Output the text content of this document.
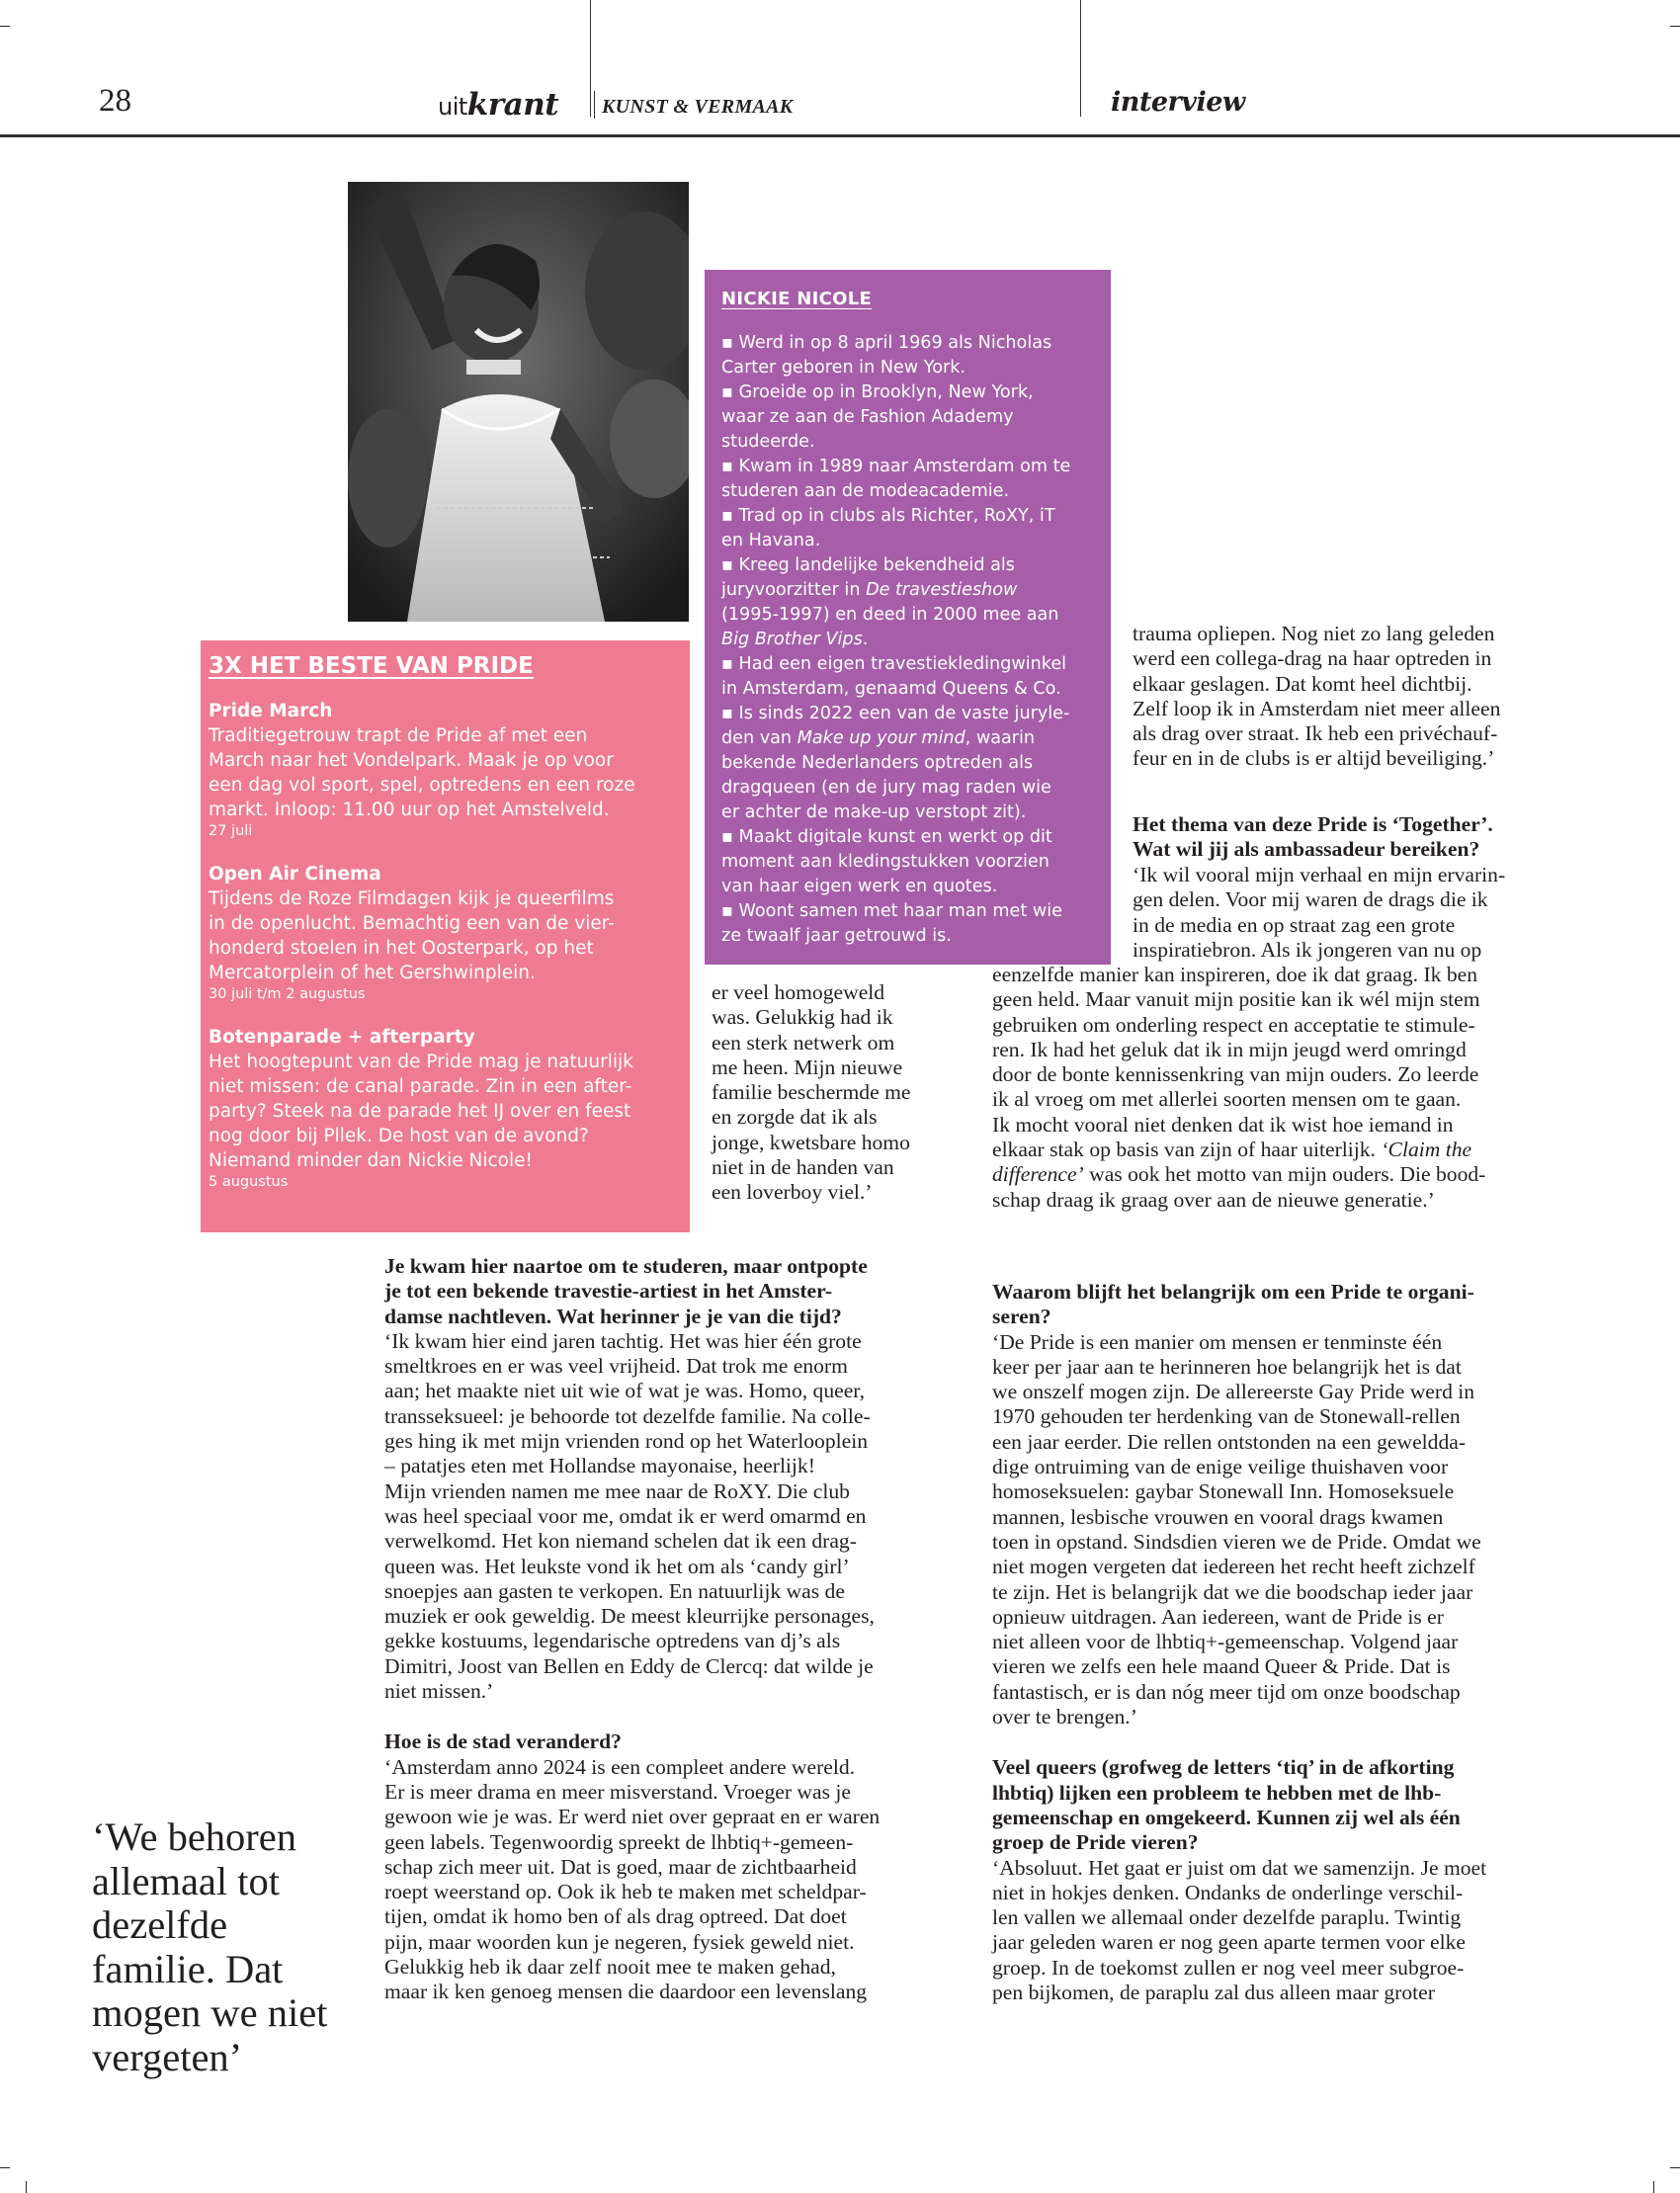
28	uitkrant KUNST & VERMAAK	interview
3X HET BESTE VAN PRIDE
Pride March
Traditiegetrouw trapt de Pride af met een
March naar het Vondelpark. Maak je op voor
een dag vol sport, spel, optredens en een roze
markt. Inloop: 11.00 uur op het Amstelveld.
27 juli
Open Air Cinema
Tijdens de Roze Filmdagen kijk je queerfilms
in de openlucht. Bemachtig een van de vier-
honderd stoelen in het Oosterpark, op het
Mercatorplein of het Gershwinplein.
30 juli t/m 2 augustus
Botenparade + afterparty
Het hoogtepunt van de Pride mag je natuurlijk
niet missen: de canal parade. Zin in een after-
party? Steek na de parade het IJ over en feest
nog door bij Pllek. De host van de avond?
Niemand minder dan Nickie Nicole!
5 augustus
NICKIE NICOLE
▪ Werd in op 8 april 1969 als Nicholas
Carter geboren in New York.
▪ Groeide op in Brooklyn, New York,
waar ze aan de Fashion Adademy
studeerde.
▪ Kwam in 1989 naar Amsterdam om te
studeren aan de modeacademie.
▪ Trad op in clubs als Richter, RoXY, iT
en Havana.
▪ Kreeg landelijke bekendheid als
juryvoorzitter in De travestieshow
(1995-1997) en deed in 2000 mee aan
Big Brother Vips.
▪ Had een eigen travestiekledingwinkel
in Amsterdam, genaamd Queens & Co.
▪ Is sinds 2022 een van de vaste juryle-
den van Make up your mind, waarin
bekende Nederlanders optreden als
dragqueen (en de jury mag raden wie
er achter de make-up verstopt zit).
▪ Maakt digitale kunst en werkt op dit
moment aan kledingstukken voorzien
van haar eigen werk en quotes.
▪ Woont samen met haar man met wie
ze twaalf jaar getrouwd is.
er veel homogeweld
was. Gelukkig had ik
een sterk netwerk om
me heen. Mijn nieuwe
familie beschermde me
en zorgde dat ik als
jonge, kwetsbare homo
niet in de handen van
een loverboy viel.’
Je kwam hier naartoe om te studeren, maar ontpopte
je tot een bekende travestie-artiest in het Amster-
damse nachtleven. Wat herinner je je van die tijd?
‘Ik kwam hier eind jaren tachtig. Het was hier één grote
smeltkroes en er was veel vrijheid. Dat trok me enorm
aan; het maakte niet uit wie of wat je was. Homo, queer,
transseksueel: je behoorde tot dezelfde familie. Na colle-
ges hing ik met mijn vrienden rond op het Waterlooplein
– patatjes eten met Hollandse mayonaise, heerlijk!
Mijn vrienden namen me mee naar de RoXY. Die club
was heel speciaal voor me, omdat ik er werd omarmd en
verwelkomd. Het kon niemand schelen dat ik een drag-
queen was. Het leukste vond ik het om als ‘candy girl’
snoepjes aan gasten te verkopen. En natuurlijk was de
muziek er ook geweldig. De meest kleurrijke personages,
gekke kostuums, legendarische optredens van dj’s als
Dimitri, Joost van Bellen en Eddy de Clercq: dat wilde je
niet missen.’
Hoe is de stad veranderd?
‘Amsterdam anno 2024 is een compleet andere wereld.
Er is meer drama en meer misverstand. Vroeger was je
gewoon wie je was. Er werd niet over gepraat en er waren
geen labels. Tegenwoordig spreekt de lhbtiq+-gemeen-
schap zich meer uit. Dat is goed, maar de zichtbaarheid
roept weerstand op. Ook ik heb te maken met scheldpar-
tijen, omdat ik homo ben of als drag optreed. Dat doet
pijn, maar woorden kun je negeren, fysiek geweld niet.
Gelukkig heb ik daar zelf nooit mee te maken gehad,
maar ik ken genoeg mensen die daardoor een levenslang
trauma opliepen. Nog niet zo lang geleden
werd een collega-drag na haar optreden in
elkaar geslagen. Dat komt heel dichtbij.
Zelf loop ik in Amsterdam niet meer alleen
als drag over straat. Ik heb een privéchauf-
feur en in de clubs is er altijd beveiliging.’
Het thema van deze Pride is ‘Together’.
Wat wil jij als ambassadeur bereiken?
‘Ik wil vooral mijn verhaal en mijn ervarin-
gen delen. Voor mij waren de drags die ik
in de media en op straat zag een grote
inspiratiebron. Als ik jongeren van nu op
eenzelfde manier kan inspireren, doe ik dat graag. Ik ben
geen held. Maar vanuit mijn positie kan ik wél mijn stem
gebruiken om onderling respect en acceptatie te stimule-
ren. Ik had het geluk dat ik in mijn jeugd werd omringd
door de bonte kennissenkring van mijn ouders. Zo leerde
ik al vroeg om met allerlei soorten mensen om te gaan.
Ik mocht vooral niet denken dat ik wist hoe iemand in
elkaar stak op basis van zijn of haar uiterlijk. ‘Claim the
difference’ was ook het motto van mijn ouders. Die bood-
schap draag ik graag over aan de nieuwe generatie.’
Waarom blijft het belangrijk om een Pride te organi-
seren?
‘De Pride is een manier om mensen er tenminste één
keer per jaar aan te herinneren hoe belangrijk het is dat
we onszelf mogen zijn. De allereerste Gay Pride werd in
1970 gehouden ter herdenking van de Stonewall-rellen
een jaar eerder. Die rellen ontstonden na een gewelddа-
dige ontruiming van de enige veilige thuishaven voor
homoseksuelen: gaybar Stonewall Inn. Homoseksuele
mannen, lesbische vrouwen en vooral drags kwamen
toen in opstand. Sindsdien vieren we de Pride. Omdat we
niet mogen vergeten dat iedereen het recht heeft zichzelf
te zijn. Het is belangrijk dat we die boodschap ieder jaar
opnieuw uitdragen. Aan iedereen, want de Pride is er
niet alleen voor de lhbtiq+-gemeenschap. Volgend jaar
vieren we zelfs een hele maand Queer & Pride. Dat is
fantastisch, er is dan nóg meer tijd om onze boodschap
over te brengen.’
Veel queers (grofweg de letters ‘tiq’ in de afkorting
lhbtiq) lijken een probleem te hebben met de lhb-
gemeenschap en omgekeerd. Kunnen zij wel als één
groep de Pride vieren?
‘Absoluut. Het gaat er juist om dat we samenzijn. Je moet
niet in hokjes denken. Ondanks de onderlinge verschil-
len vallen we allemaal onder dezelfde paraplu. Twintig
jaar geleden waren er nog geen aparte termen voor elke
groep. In de toekomst zullen er nog veel meer subgroe-
pen bijkomen, de paraplu zal dus alleen maar groter
‘We behoren
allemaal tot
dezelfde
familie. Dat
mogen we niet
vergeten’
